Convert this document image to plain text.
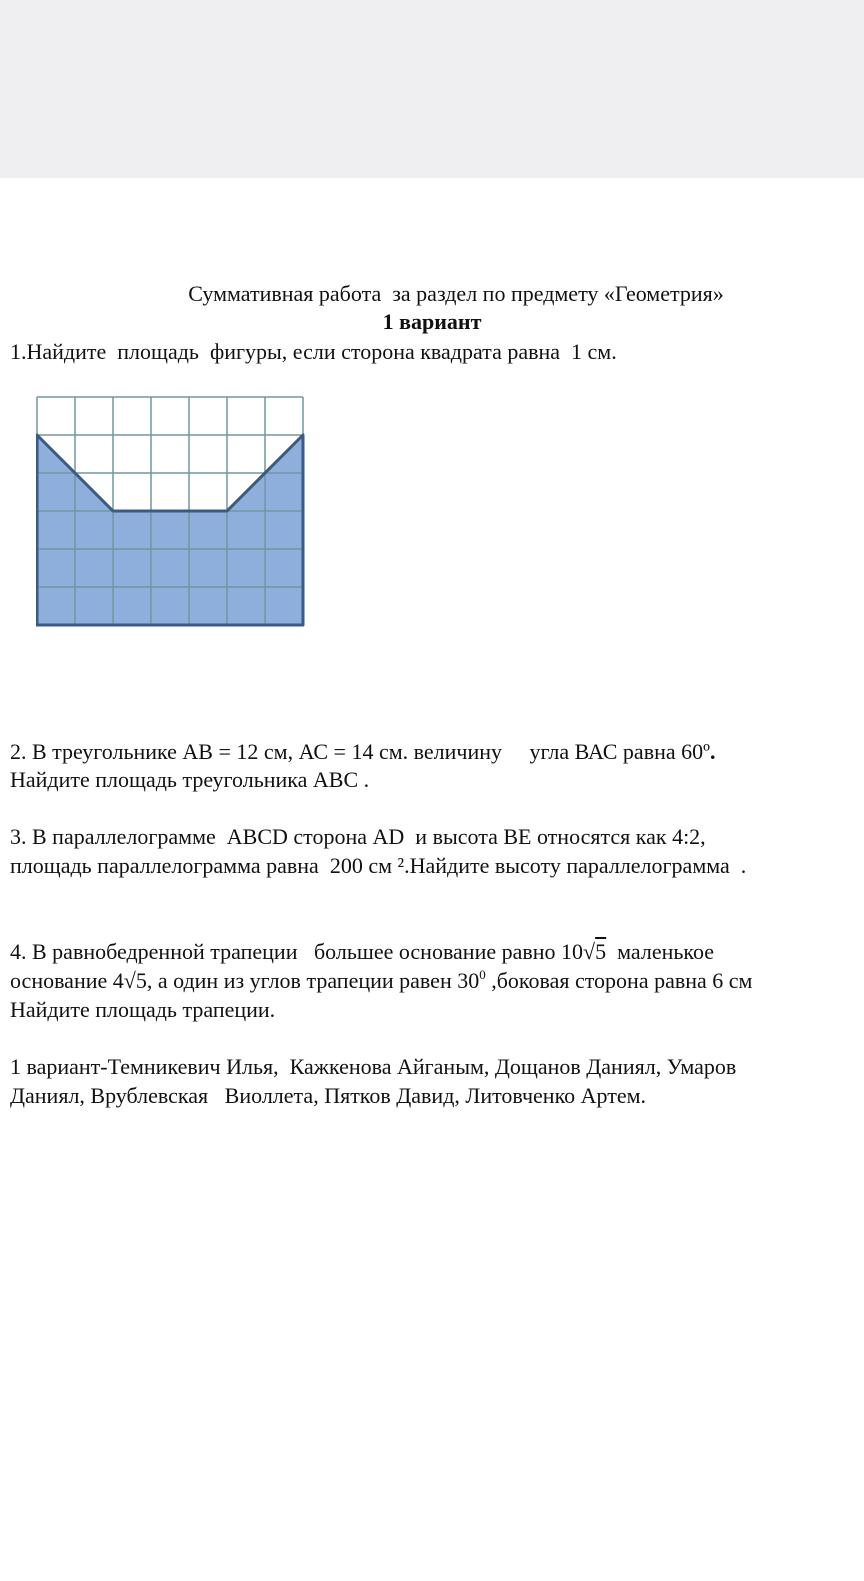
Суммативная работа  за раздел по предмету «Геометрия»
1 вариант
1.Найдите  площадь  фигуры, если сторона квадрата равна  1 см.
2. В треугольнике АВ = 12 см, АС = 14 см. величину     угла ВАС равна 60º.
Найдите площадь треугольника АВС .
3. В параллелограмме  АВСD сторона АD  и высота ВЕ относятся как 4:2,
площадь параллелограмма равна  200 см ².Найдите высоту параллелограмма  .
4. В равнобедренной трапеции   большее основание равно 10√5  маленькое
основание 4√5, а один из углов трапеции равен $30^0$ ,боковая сторона равна 6 см
Найдите площадь трапеции.
1 вариант-Темникевич Илья,  Кажкенова Айганым, Дощанов Даниял, Умаров
Даниял, Врублевская   Виоллета, Пятков Давид, Литовченко Артем.
